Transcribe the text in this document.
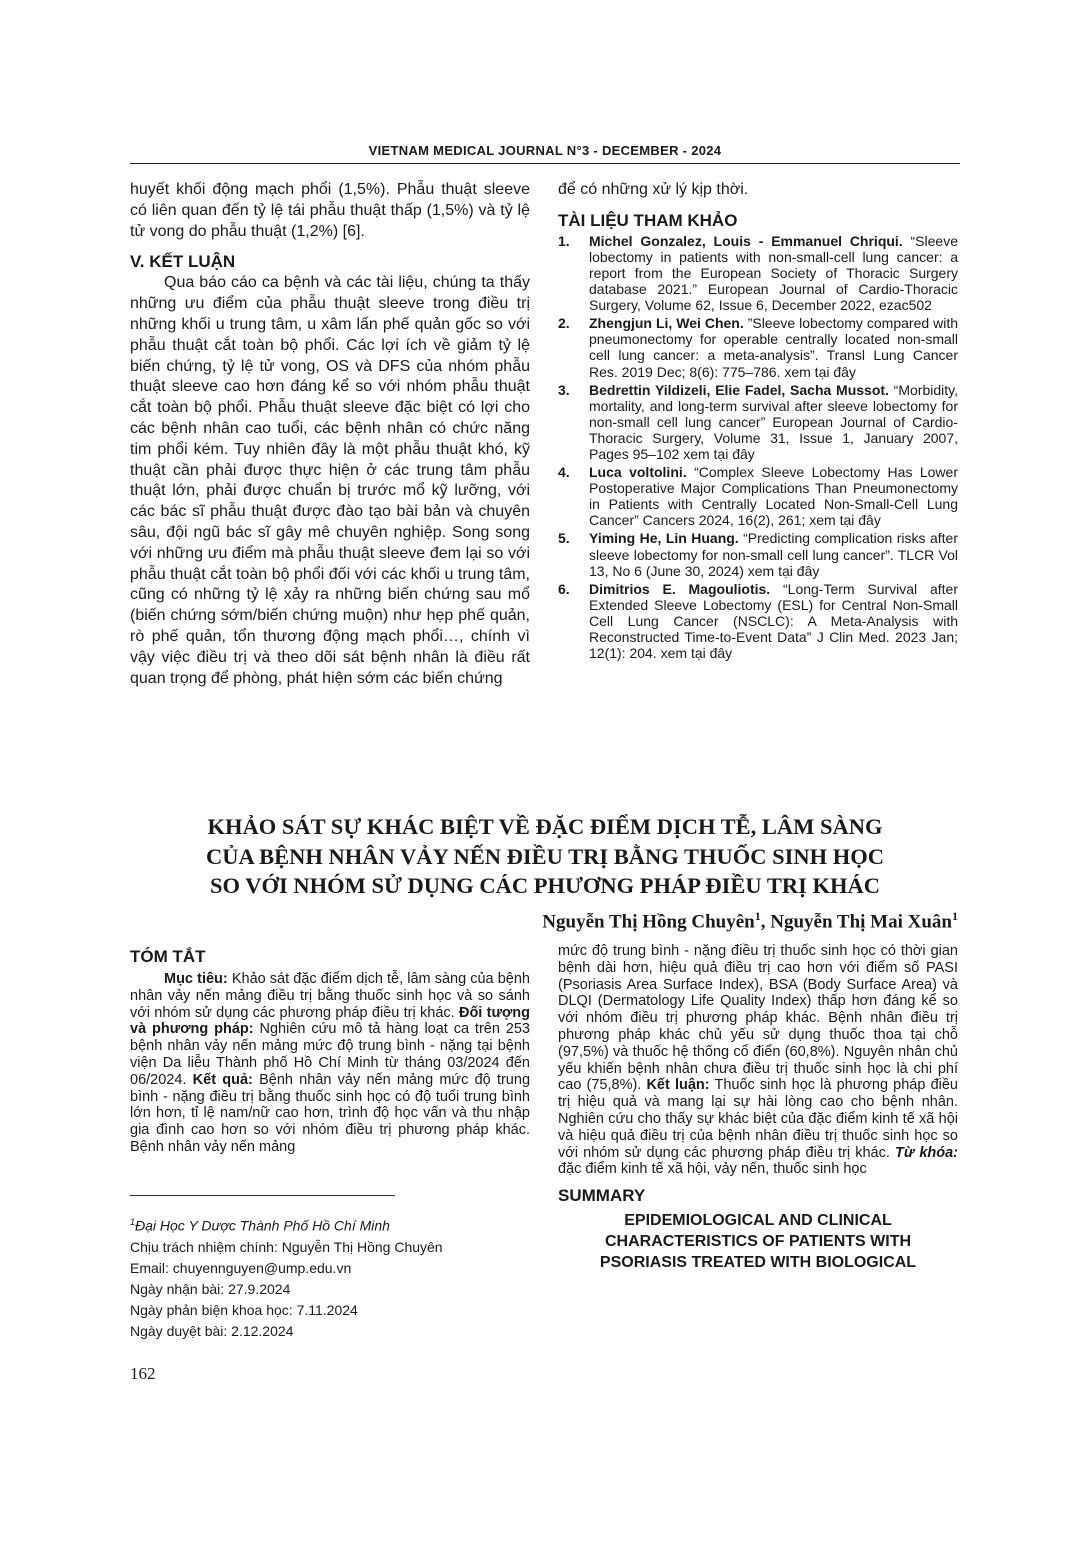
VIETNAM MEDICAL JOURNAL N°3 - DECEMBER - 2024

huyết khối động mạch phổi (1,5%). Phẫu thuật sleeve có liên quan đến tỷ lệ tái phẫu thuật thấp (1,5%) và tỷ lệ tử vong do phẫu thuật (1,2%) [6].

V. KẾT LUẬN

Qua báo cáo ca bệnh và các tài liệu, chúng ta thấy những ưu điểm của phẫu thuật sleeve trong điều trị những khối u trung tâm, u xâm lấn phế quản gốc so với phẫu thuật cắt toàn bộ phổi. Các lợi ích về giảm tỷ lệ biến chứng, tỷ lệ tử vong, OS và DFS của nhóm phẫu thuật sleeve cao hơn đáng kể so với nhóm phẫu thuật cắt toàn bộ phổi. Phẫu thuật sleeve đặc biệt có lợi cho các bệnh nhân cao tuổi, các bệnh nhân có chức năng tim phổi kém. Tuy nhiên đây là một phẫu thuật khó, kỹ thuật cần phải được thực hiện ở các trung tâm phẫu thuật lớn, phải được chuẩn bị trước mổ kỹ lưỡng, với các bác sĩ phẫu thuật được đào tạo bài bản và chuyên sâu, đội ngũ bác sĩ gây mê chuyên nghiệp. Song song với những ưu điểm mà phẫu thuật sleeve đem lại so với phẫu thuật cắt toàn bộ phổi đối với các khối u trung tâm, cũng có những tỷ lệ xảy ra những biến chứng sau mổ (biến chứng sớm/biến chứng muộn) như hẹp phế quản, rò phế quản, tổn thương động mạch phổi…, chính vì vậy việc điều trị và theo dõi sát bệnh nhân là điều rất quan trọng để phòng, phát hiện sớm các biến chứng

để có những xử lý kịp thời.

TÀI LIỆU THAM KHẢO

1. Michel Gonzalez, Louis - Emmanuel Chriqui. “Sleeve lobectomy in patients with non-small-cell lung cancer: a report from the European Society of Thoracic Surgery database 2021.” European Journal of Cardio-Thoracic Surgery, Volume 62, Issue 6, December 2022, ezac502

2. Zhengjun Li, Wei Chen. ”Sleeve lobectomy compared with pneumonectomy for operable centrally located non-small cell lung cancer: a meta-analysis”. Transl Lung Cancer Res. 2019 Dec; 8(6): 775–786. xem tại đây

3. Bedrettin Yildizeli, Elie Fadel, Sacha Mussot. “Morbidity, mortality, and long-term survival after sleeve lobectomy for non-small cell lung cancer” European Journal of Cardio-Thoracic Surgery, Volume 31, Issue 1, January 2007, Pages 95–102 xem tại đây

4. Luca voltolini. “Complex Sleeve Lobectomy Has Lower Postoperative Major Complications Than Pneumonectomy in Patients with Centrally Located Non-Small-Cell Lung Cancer” Cancers 2024, 16(2), 261; xem tại đây

5. Yiming He, Lin Huang. “Predicting complication risks after sleeve lobectomy for non-small cell lung cancer”. TLCR Vol 13, No 6 (June 30, 2024) xem tại đây

6. Dimitrios E. Magouliotis. “Long-Term Survival after Extended Sleeve Lobectomy (ESL) for Central Non-Small Cell Lung Cancer (NSCLC): A Meta-Analysis with Reconstructed Time-to-Event Data” J Clin Med. 2023 Jan; 12(1): 204. xem tại đây

KHẢO SÁT SỰ KHÁC BIỆT VỀ ĐẶC ĐIỂM DỊCH TỄ, LÂM SÀNG
CỦA BỆNH NHÂN VẢY NẾN ĐIỀU TRỊ BẰNG THUỐC SINH HỌC
SO VỚI NHÓM SỬ DỤNG CÁC PHƯƠNG PHÁP ĐIỀU TRỊ KHÁC
Nguyễn Thị Hồng Chuyên$^1$, Nguyễn Thị Mai Xuân$^1$

TÓM TẮT

Mục tiêu: Khảo sát đặc điểm dịch tễ, lâm sàng của bệnh nhân vảy nến mảng điều trị bằng thuốc sinh học và so sánh với nhóm sử dụng các phương pháp điều trị khác. Đối tượng và phương pháp: Nghiên cứu mô tả hàng loạt ca trên 253 bệnh nhân vảy nến mảng mức độ trung bình - nặng tại bệnh viện Da liễu Thành phố Hồ Chí Minh từ tháng 03/2024 đến 06/2024. Kết quả: Bệnh nhân vảy nến mảng mức độ trung bình - nặng điều trị bằng thuốc sinh học có độ tuổi trung bình lớn hơn, tỉ lệ nam/nữ cao hơn, trình độ học vấn và thu nhập gia đình cao hơn so với nhóm điều trị phương pháp khác. Bệnh nhân vảy nến mảng

$^1$Đại Học Y Dược Thành Phố Hồ Chí Minh
Chịu trách nhiệm chính: Nguyễn Thị Hồng Chuyên
Email: chuyennguyen@ump.edu.vn
Ngày nhận bài: 27.9.2024
Ngày phản biện khoa học: 7.11.2024
Ngày duyệt bài: 2.12.2024

mức độ trung bình - nặng điều trị thuốc sinh học có thời gian bệnh dài hơn, hiệu quả điều trị cao hơn với điểm số PASI (Psoriasis Area Surface Index), BSA (Body Surface Area) và DLQI (Dermatology Life Quality Index) thấp hơn đáng kể so với nhóm điều trị phương pháp khác. Bệnh nhân điều trị phương pháp khác chủ yếu sử dụng thuốc thoa tại chỗ (97,5%) và thuốc hệ thống cổ điển (60,8%). Nguyên nhân chủ yếu khiến bệnh nhân chưa điều trị thuốc sinh học là chi phí cao (75,8%). Kết luận: Thuốc sinh học là phương pháp điều trị hiệu quả và mang lại sự hài lòng cao cho bệnh nhân. Nghiên cứu cho thấy sự khác biệt của đặc điểm kinh tế xã hội và hiệu quả điều trị của bệnh nhân điều trị thuốc sinh học so với nhóm sử dụng các phương pháp điều trị khác. Từ khóa: đặc điểm kinh tế xã hội, vảy nến, thuốc sinh học

SUMMARY

EPIDEMIOLOGICAL AND CLINICAL
CHARACTERISTICS OF PATIENTS WITH
PSORIASIS TREATED WITH BIOLOGICAL
162
